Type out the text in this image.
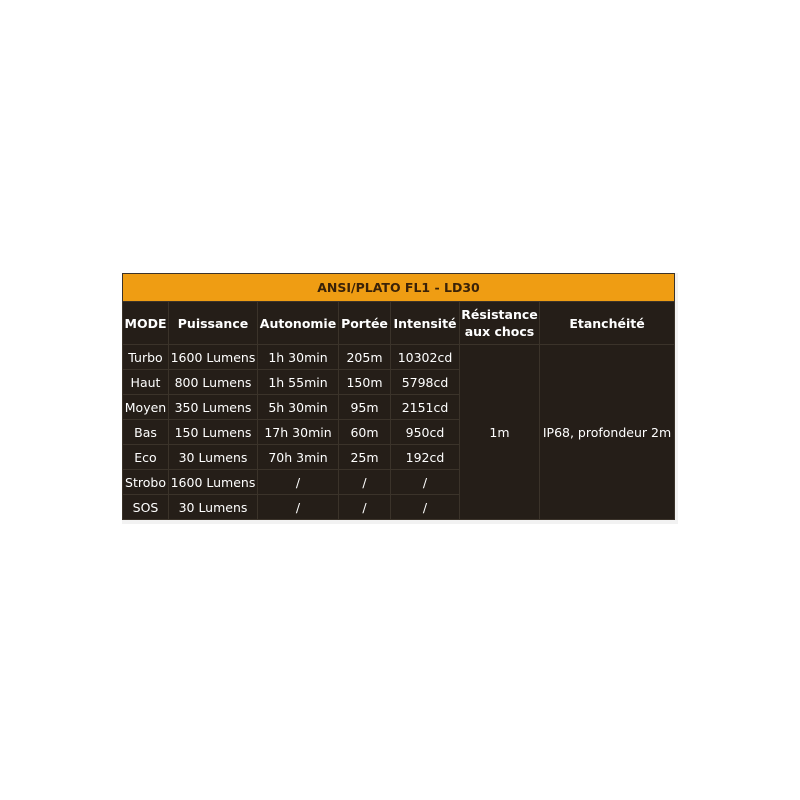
ANSI/PLATO FL1 - LD30						
MODE	Puissance	Autonomie	Portée	Intensité	Résistance aux chocs	Etanchéité
Turbo	1600 Lumens	1h 30min	205m	10302cd	1m	IP68, profondeur 2m
Haut	800 Lumens	1h 55min	150m	5798cd		
Moyen	350 Lumens	5h 30min	95m	2151cd		
Bas	150 Lumens	17h 30min	60m	950cd		
Eco	30 Lumens	70h 3min	25m	192cd		
Strobo	1600 Lumens	/	/	/		
SOS	30 Lumens	/	/	/		
